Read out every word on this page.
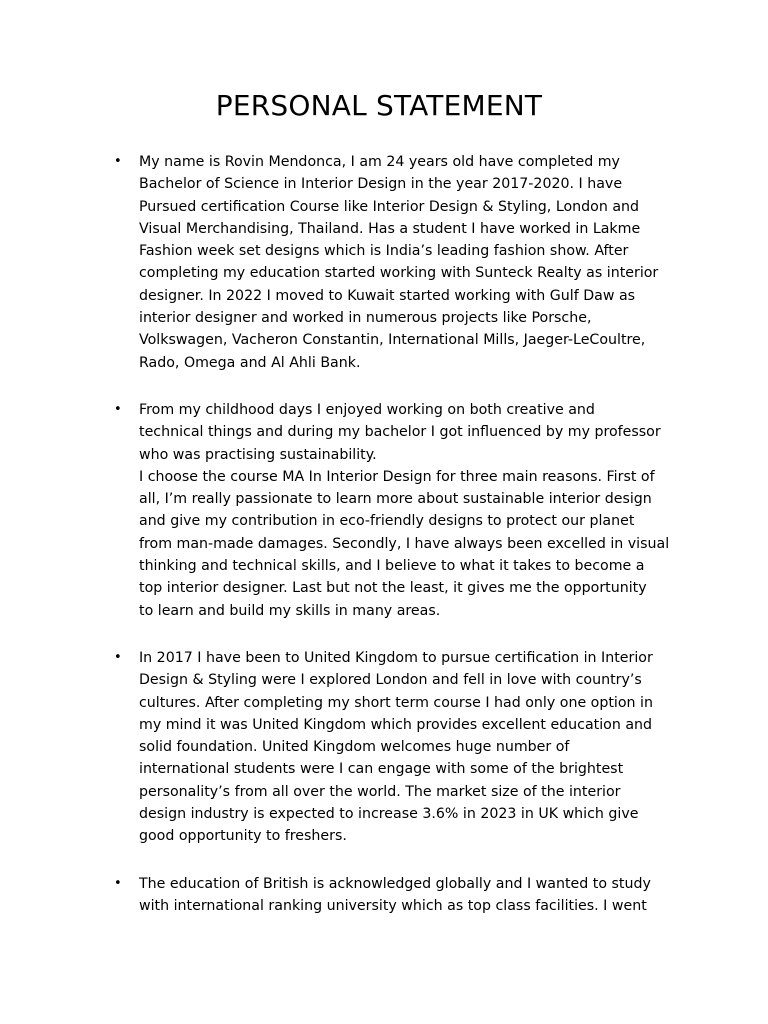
PERSONAL STATEMENT
• My name is Rovin Mendonca, I am 24 years old have completed my
Bachelor of Science in Interior Design in the year 2017-2020. I have
Pursued certification Course like Interior Design & Styling, London and
Visual Merchandising, Thailand. Has a student I have worked in Lakme
Fashion week set designs which is India’s leading fashion show. After
completing my education started working with Sunteck Realty as interior
designer. In 2022 I moved to Kuwait started working with Gulf Daw as
interior designer and worked in numerous projects like Porsche,
Volkswagen, Vacheron Constantin, International Mills, Jaeger-LeCoultre,
Rado, Omega and Al Ahli Bank.
• From my childhood days I enjoyed working on both creative and
technical things and during my bachelor I got influenced by my professor
who was practising sustainability.
I choose the course MA In Interior Design for three main reasons. First of
all, I’m really passionate to learn more about sustainable interior design
and give my contribution in eco-friendly designs to protect our planet
from man-made damages. Secondly, I have always been excelled in visual
thinking and technical skills, and I believe to what it takes to become a
top interior designer. Last but not the least, it gives me the opportunity
to learn and build my skills in many areas.
• In 2017 I have been to United Kingdom to pursue certification in Interior
Design & Styling were I explored London and fell in love with country’s
cultures. After completing my short term course I had only one option in
my mind it was United Kingdom which provides excellent education and
solid foundation. United Kingdom welcomes huge number of
international students were I can engage with some of the brightest
personality’s from all over the world. The market size of the interior
design industry is expected to increase 3.6% in 2023 in UK which give
good opportunity to freshers.
• The education of British is acknowledged globally and I wanted to study
with international ranking university which as top class facilities. I went
